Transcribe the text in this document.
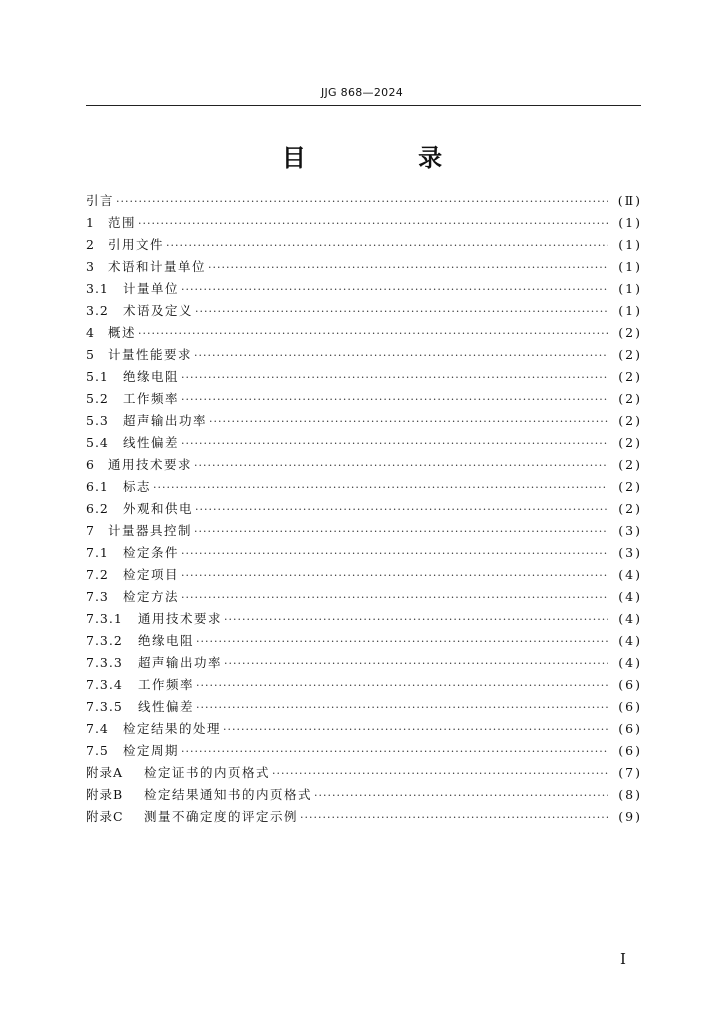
JJG 868—2024
目 录
引言 ·····	(Ⅱ)
1	范围 ·····	(1)
2	引用文件 ·····	(1)
3	术语和计量单位 ·····	(1)
3.1	计量单位 ·····	(1)
3.2	术语及定义 ·····	(1)
4	概述 ·····	(2)
5	计量性能要求 ·····	(2)
5.1	绝缘电阻 ·····	(2)
5.2	工作频率 ·····	(2)
5.3	超声输出功率 ·····	(2)
5.4	线性偏差 ·····	(2)
6	通用技术要求 ·····	(2)
6.1	标志 ·····	(2)
6.2	外观和供电 ·····	(2)
7	计量器具控制 ·····	(3)
7.1	检定条件 ·····	(3)
7.2	检定项目 ·····	(4)
7.3	检定方法 ·····	(4)
7.3.1	通用技术要求 ·····	(4)
7.3.2	绝缘电阻 ·····	(4)
7.3.3	超声输出功率 ·····	(4)
7.3.4	工作频率 ·····	(6)
7.3.5	线性偏差 ·····	(6)
7.4	检定结果的处理 ·····	(6)
7.5	检定周期 ·····	(6)
附录A	检定证书的内页格式 ·····	(7)
附录B	检定结果通知书的内页格式 ·····	(8)
附录C	测量不确定度的评定示例 ·····	(9)
Ⅰ
